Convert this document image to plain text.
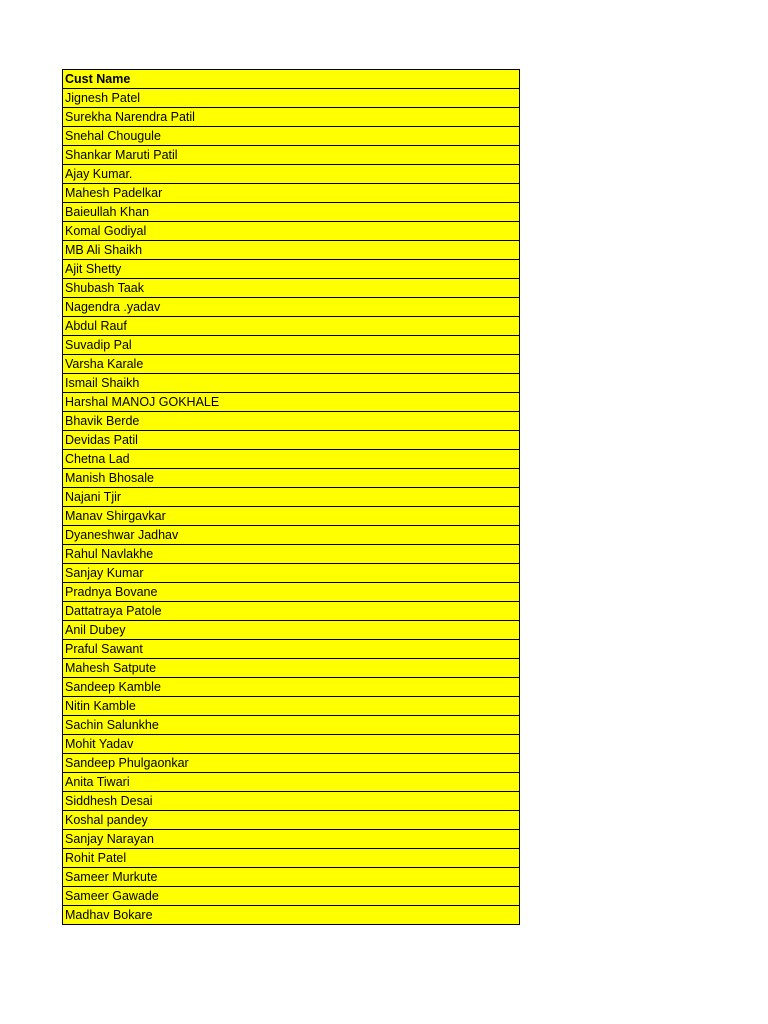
Cust Name
Jignesh Patel
Surekha Narendra Patil
Snehal Chougule
Shankar Maruti Patil
Ajay Kumar.
Mahesh Padelkar
Baieullah Khan
Komal Godiyal
MB Ali Shaikh
Ajit Shetty
Shubash Taak
Nagendra .yadav
Abdul Rauf
Suvadip Pal
Varsha Karale
Ismail Shaikh
Harshal MANOJ GOKHALE
Bhavik Berde
Devidas Patil
Chetna Lad
Manish Bhosale
Najani Tjir
Manav Shirgavkar
Dyaneshwar Jadhav
Rahul Navlakhe
Sanjay Kumar
Pradnya Bovane
Dattatraya Patole
Anil Dubey
Praful Sawant
Mahesh Satpute
Sandeep Kamble
Nitin Kamble
Sachin Salunkhe
Mohit Yadav
Sandeep Phulgaonkar
Anita Tiwari
Siddhesh Desai
Koshal pandey
Sanjay Narayan
Rohit Patel
Sameer Murkute
Sameer Gawade
Madhav Bokare
